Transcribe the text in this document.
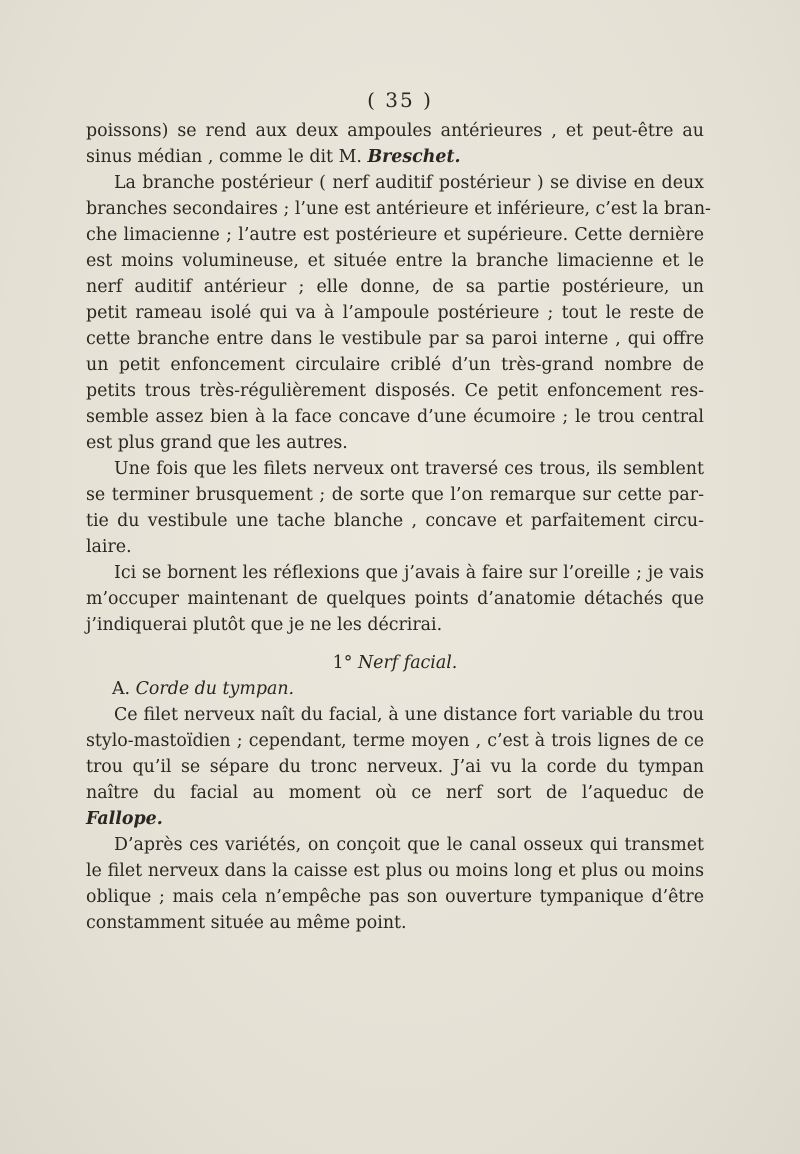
( 35 )
poissons) se rend aux deux ampoules antérieures , et peut-être au
sinus médian , comme le dit M. Breschet.
La branche postérieur ( nerf auditif postérieur ) se divise en deux
branches secondaires ; l’une est antérieure et inférieure, c’est la bran-
che limacienne ; l’autre est postérieure et supérieure. Cette dernière
est moins volumineuse, et située entre la branche limacienne et le
nerf auditif antérieur ; elle donne, de sa partie postérieure, un
petit rameau isolé qui va à l’ampoule postérieure ; tout le reste de
cette branche entre dans le vestibule par sa paroi interne , qui offre
un petit enfoncement circulaire criblé d’un très-grand nombre de
petits trous très-régulièrement disposés. Ce petit enfoncement res-
semble assez bien à la face concave d’une écumoire ; le trou central
est plus grand que les autres.
Une fois que les filets nerveux ont traversé ces trous, ils semblent
se terminer brusquement ; de sorte que l’on remarque sur cette par-
tie du vestibule une tache blanche , concave et parfaitement circu-
laire.
Ici se bornent les réflexions que j’avais à faire sur l’oreille ; je vais
m’occuper maintenant de quelques points d’anatomie détachés que
j’indiquerai plutôt que je ne les décrirai.
1° Nerf facial.
A. Corde du tympan.
Ce filet nerveux naît du facial, à une distance fort variable du trou
stylo-mastoïdien ; cependant, terme moyen , c’est à trois lignes de ce
trou qu’il se sépare du tronc nerveux. J’ai vu la corde du tympan
naître du facial au moment où ce nerf sort de l’aqueduc de
Fallope.
D’après ces variétés, on conçoit que le canal osseux qui transmet
le filet nerveux dans la caisse est plus ou moins long et plus ou moins
oblique ; mais cela n’empêche pas son ouverture tympanique d’être
constamment située au même point.
